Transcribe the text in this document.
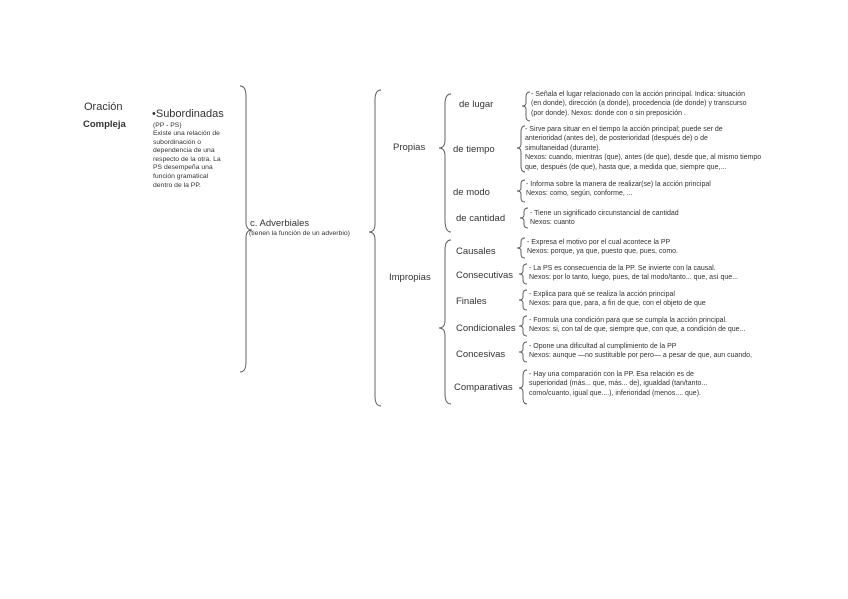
Oración
Compleja
•Subordinadas
(PP - PS)
Existe una relación de
subordinación o
dependencia de una
respecto de la otra. La
PS desempeña una
función gramatical
dentro de la PP.
c. Adverbiales
(tienen la función de un adverbio)
Propias
Impropias
de lugar
de tiempo
de modo
de cantidad
- Señala el lugar relacionado con la acción principal. Indica: situación
(en donde), dirección (a donde), procedencia (de donde) y transcurso
(por donde). Nexos: donde con o sin preposición .
- Sirve para situar en el tiempo la acción principal; puede ser de
anterioridad (antes de), de posterioridad (después de) o de
simultaneidad (durante).
Nexos: cuando, mientras (que), antes (de que), desde que, al mismo tiempo
que, después (de que), hasta que, a medida que, siempre que,...
- Informa sobre la manera de realizar(se) la acción principal
Nexos: como, según, conforme, ...
- Tiene un significado circunstancial de cantidad
Nexos: cuanto
Causales
Consecutivas
Finales
Condicionales
Concesivas
Comparativas
- Expresa el motivo por el cual acontece la PP
Nexos: porque, ya que, puesto que, pues, como.
- La PS es consecuencia de la PP. Se invierte con la causal.
Nexos: por lo tanto, luego, pues, de tal modo/tanto... que, así que...
- Explica para qué se realiza la acción principal
Nexos: para que, para, a fin de que, con el objeto de que
- Formula una condición para que se cumpla la acción principal.
Nexos: si, con tal de que, siempre que, con que, a condición de que...
- Opone una dificultad al cumplimiento de la PP
Nexos: aunque —no sustituible por pero— a pesar de que, aun cuando,
- Hay una comparación con la PP. Esa relación es de
superioridad (más... que, más... de), igualdad (tan/tanto...
como/cuanto, igual que....), inferioridad (menos.... que).
